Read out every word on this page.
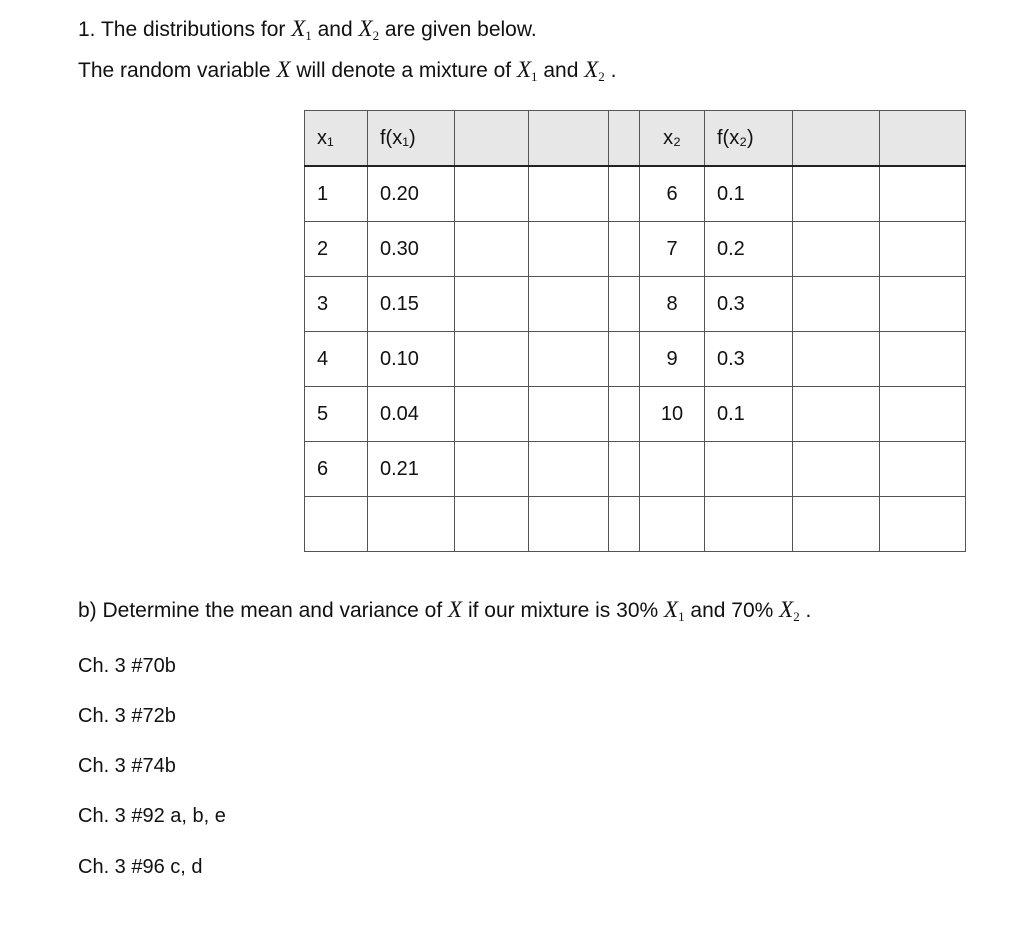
1. The distributions for $X_1$ and $X_2$ are given below.
The random variable X will denote a mixture of $X_1$ and $X_2$ .
x₁	f(x₁)				x₂	f(x₂)		
1	0.20				6	0.1		
2	0.30				7	0.2		
3	0.15				8	0.3		
4	0.10				9	0.3		
5	0.04				10	0.1		
6	0.21							

b) Determine the mean and variance of X if our mixture is 30% $X_1$ and 70% $X_2$ .
Ch. 3 #70b
Ch. 3 #72b
Ch. 3 #74b
Ch. 3 #92 a, b, e
Ch. 3 #96 c, d
